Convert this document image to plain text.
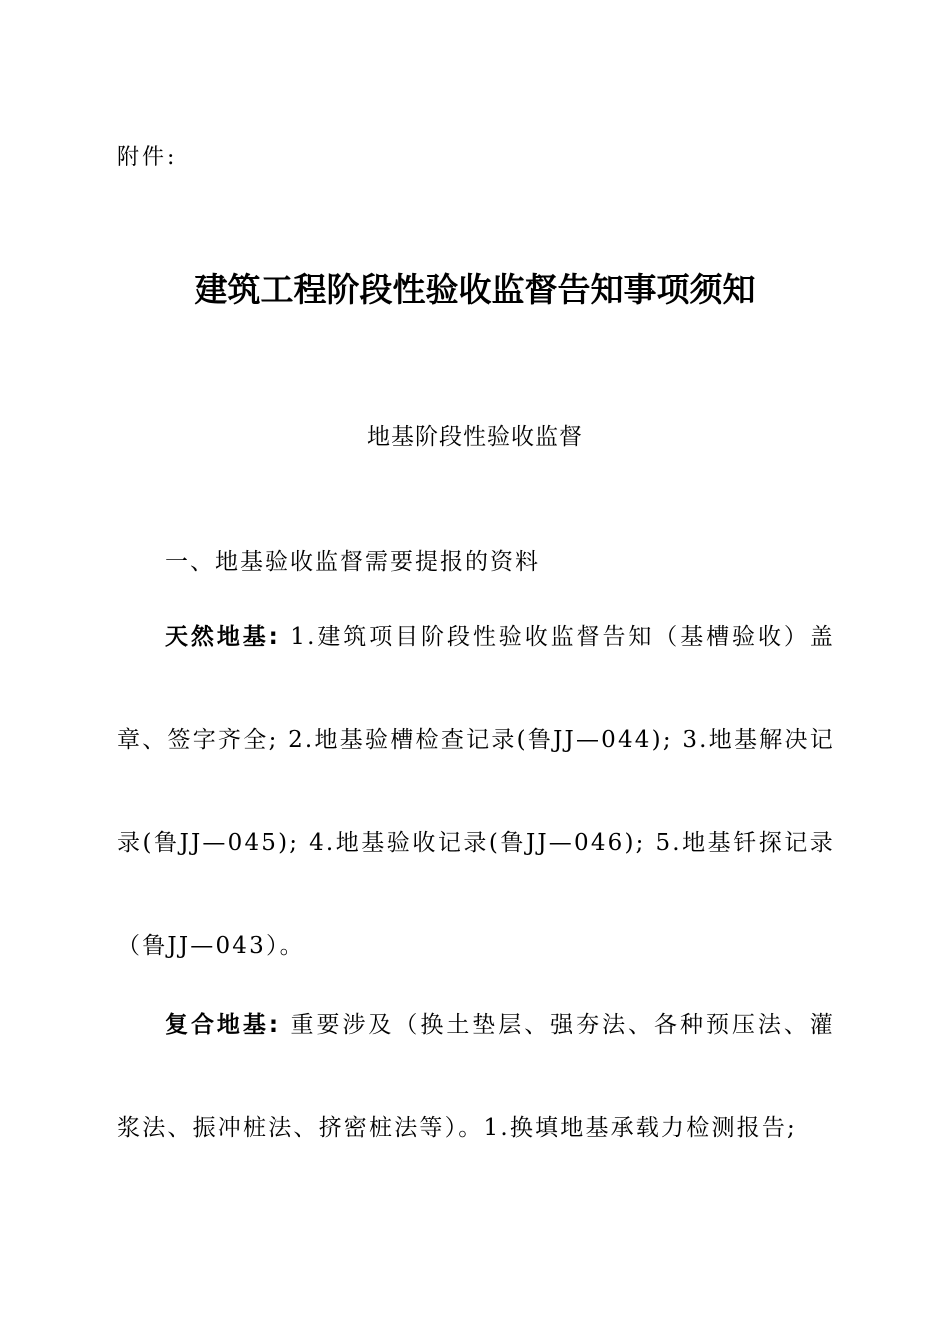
附件:
建筑工程阶段性验收监督告知事项须知
地基阶段性验收监督
一、地基验收监督需要提报的资料
天然地基: 1.建筑项目阶段性验收监督告知（基槽验收）盖章、签字齐全; 2.地基验槽检查记录(鲁JJ—044); 3.地基解决记录(鲁JJ—045); 4.地基验收记录(鲁JJ—046); 5.地基钎探记录（鲁JJ—043）。
复合地基: 重要涉及（换土垫层、强夯法、各种预压法、灌浆法、振冲桩法、挤密桩法等）。1.换填地基承载力检测报告;
